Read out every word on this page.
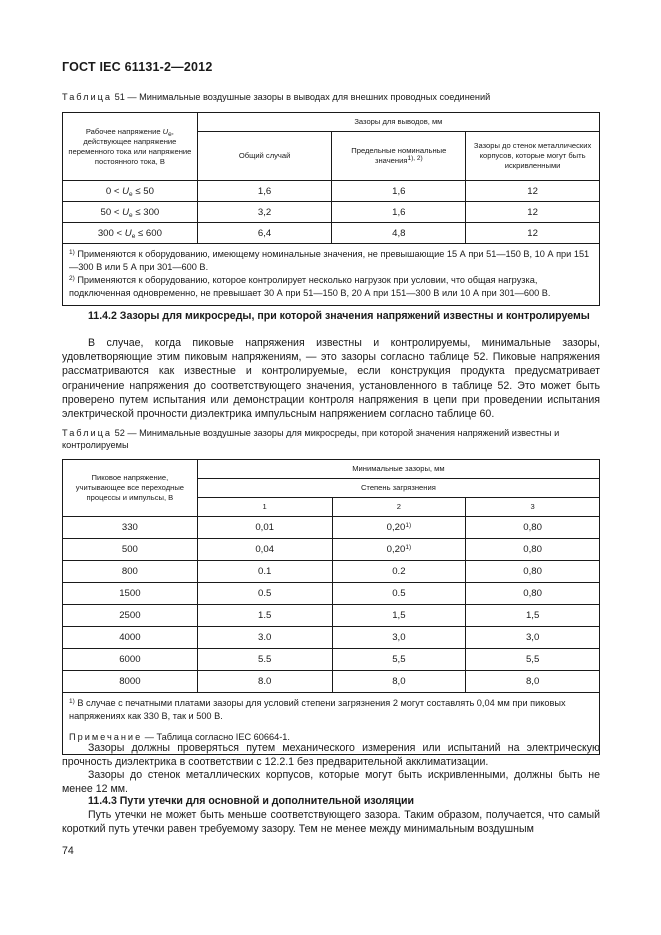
ГОСТ IEC 61131-2—2012
Таблица 51 — Минимальные воздушные зазоры в выводах для внешних проводных соединений
Рабочее напряжение $U_e$, действующее напряжение переменного тока или напряжение постоянного тока, В	Зазоры для выводов, мм		
	Общий случай	Предельные номинальные значения$^{1), 2)}$	Зазоры до стенок металлических корпусов, которые могут быть искривленными
$0 < U_e \le 50$	1,6	1,6	12
$50 < U_e \le 300$	3,2	1,6	12
$300 < U_e \le 600$	6,4	4,8	12

$^{1)}$ Применяются к оборудованию, имеющему номинальные значения, не превышающие 15 А при 51—150 В, 10 А при 151—300 В или 5 А при 301—600 В.
$^{2)}$ Применяются к оборудованию, которое контролирует несколько нагрузок при условии, что общая нагрузка, подключенная одновременно, не превышает 30 А при 51—150 В, 20 А при 151—300 В или 10 А при 301—600 В.			
11.4.2 Зазоры для микросреды, при которой значения напряжений известны и контролируемы
В случае, когда пиковые напряжения известны и контролируемы, минимальные зазоры, удовлетворяющие этим пиковым напряжениям, — это зазоры согласно таблице 52. Пиковые напряжения рассматриваются как известные и контролируемые, если конструкция продукта предусматривает ограничение напряжения до соответствующего значения, установленного в таблице 52. Это может быть проверено путем испытания или демонстрации контроля напряжения в цепи при проведении испытания электрической прочности диэлектрика импульсным напряжением согласно таблице 60.
Таблица 52 — Минимальные воздушные зазоры для микросреды, при которой значения напряжений известны и контролируемы
Пиковое напряжение, учитывающее все переходные процессы и импульсы, В	Минимальные зазоры, мм		
	Степень загрязнения		
	1	2	3
330	0,01	0,20$^{1)}$	0,80
500	0,04	0,20$^{1)}$	0,80
800	0.1	0.2	0,80
1500	0.5	0.5	0,80
2500	1.5	1,5	1,5
4000	3.0	3,0	3,0
6000	5.5	5,5	5,5
8000	8.0	8,0	8,0

$^{1)}$ В случае с печатными платами зазоры для условий степени загрязнения 2 могут составлять 0,04 мм при пиковых напряжениях как 330 В, так и 500 В.
Примечание — Таблица согласно IEC 60664-1.			
Зазоры должны проверяться путем механического измерения или испытаний на электрическую прочность диэлектрика в соответствии с 12.2.1 без предварительной акклиматизации.
Зазоры до стенок металлических корпусов, которые могут быть искривленными, должны быть не менее 12 мм.
11.4.3 Пути утечки для основной и дополнительной изоляции
Путь утечки не может быть меньше соответствующего зазора. Таким образом, получается, что самый короткий путь утечки равен требуемому зазору. Тем не менее между минимальным воздушным
74
